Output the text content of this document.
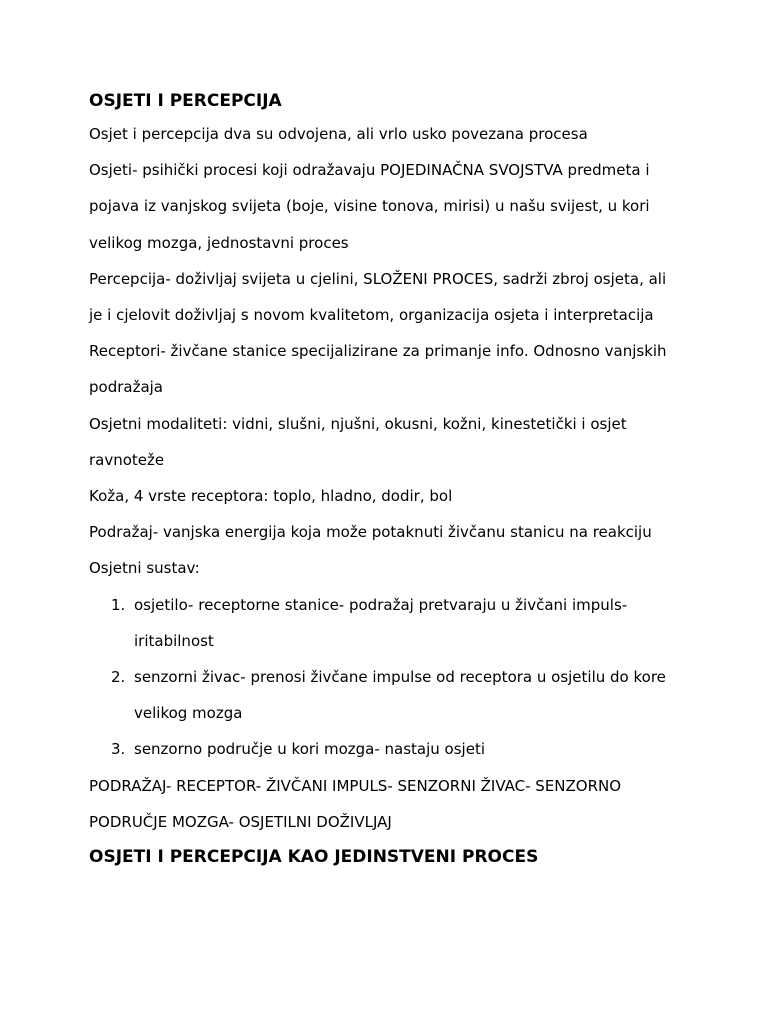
OSJETI I PERCEPCIJA

Osjet i percepcija dva su odvojena, ali vrlo usko povezana procesa

Osjeti- psihički procesi koji odražavaju POJEDINAČNA SVOJSTVA predmeta i

pojava iz vanjskog svijeta (boje, visine tonova, mirisi) u našu svijest, u kori

velikog mozga, jednostavni proces

Percepcija- doživljaj svijeta u cjelini, SLOŽENI PROCES, sadrži zbroj osjeta, ali

je i cjelovit doživljaj s novom kvalitetom, organizacija osjeta i interpretacija

Receptori- živčane stanice specijalizirane za primanje info. Odnosno vanjskih

podražaja

Osjetni modaliteti: vidni, slušni, njušni, okusni, kožni, kinestetički i osjet

ravnoteže

Koža, 4 vrste receptora: toplo, hladno, dodir, bol

Podražaj- vanjska energija koja može potaknuti živčanu stanicu na reakciju

Osjetni sustav:

1. osjetilo- receptorne stanice- podražaj pretvaraju u živčani impuls-

iritabilnost

2. senzorni živac- prenosi živčane impulse od receptora u osjetilu do kore

velikog mozga

3. senzorno područje u kori mozga- nastaju osjeti

PODRAŽAJ- RECEPTOR- ŽIVČANI IMPULS- SENZORNI ŽIVAC- SENZORNO

PODRUČJE MOZGA- OSJETILNI DOŽIVLJAJ

OSJETI I PERCEPCIJA KAO JEDINSTVENI PROCES
